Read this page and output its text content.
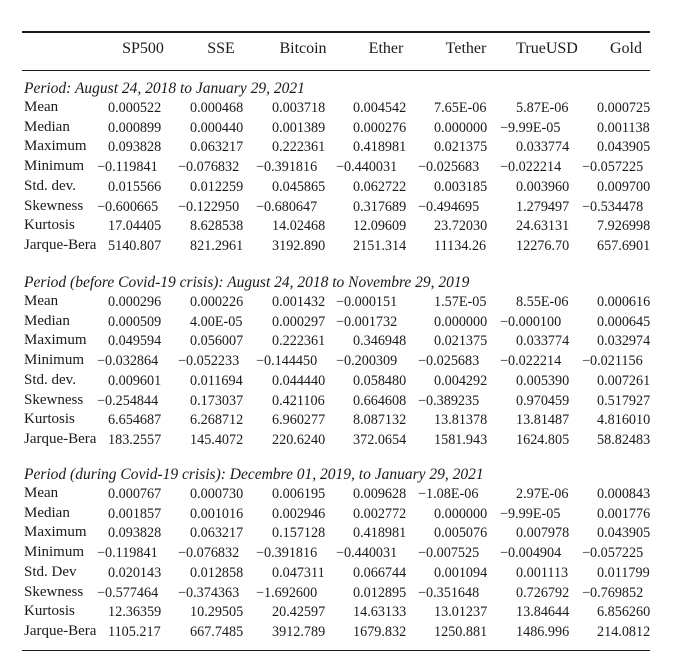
SP500	SSE	Bitcoin	Ether	Tether TrueUSD Gold
Period: August 24, 2018 to January 29, 2021
Mean	0.000522 0.000468 0.003718 0.004542 7.65E-06 5.87E-06 0.000725
Median	0.000899 0.000440 0.001389 0.000276 0.000000 −9.99E-05	0.001138
Maximum 0.093828 0.063217 0.222361 0.418981 0.021375 0.033774 0.043905
Minimum −0.119841 −0.076832 −0.391816 −0.440031 −0.025683 −0.022214 −0.057225
Std. dev. 0.015566 0.012259 0.045865 0.062722 0.003185 0.003960 0.009700
Skewness −0.600665 −0.122950 −0.680647	0.317689 −0.494695	1.279497 −0.534478
Kurtosis 17.04405 8.628538 14.02468 12.09609 23.72030 24.63131 7.926998
Jarque-Bera 5140.807 821.2961 3192.890 2151.314 11134.26 12276.70 657.6901
Period (before Covid-19 crisis): August 24, 2018 to Novembre 29, 2019
Mean	0.000296 0.000226 0.001432 −0.000151	1.57E-05 8.55E-06 0.000616
Median	0.000509 4.00E-05 0.000297 −0.001732	0.000000 −0.000100	0.000645
Maximum 0.049594 0.056007 0.222361 0.346948 0.021375 0.033774 0.032974
Minimum −0.032864 −0.052233 −0.144450 −0.200309 −0.025683 −0.022214 −0.021156
Std. dev. 0.009601 0.011694 0.044440 0.058480 0.004292 0.005390 0.007261
Skewness −0.254844 0.173037 0.421106 0.664608 −0.389235	0.970459 0.517927
Kurtosis 6.654687 6.268712 6.960277 8.087132 13.81378 13.81487 4.816010
Jarque-Bera 183.2557 145.4072 220.6240 372.0654 1581.943 1624.805 58.82483
Period (during Covid-19 crisis): Decembre 01, 2019, to January 29, 2021
Mean	0.000767 0.000730 0.006195 0.009628 −1.08E-06	2.97E-06 0.000843
Median	0.001857 0.001016 0.002946 0.002772 0.000000 −9.99E-05	0.001776
Maximum 0.093828 0.063217 0.157128 0.418981 0.005076 0.007978 0.043905
Minimum −0.119841 −0.076832 −0.391816 −0.440031 −0.007525 −0.004904 −0.057225
Std. Dev 0.020143 0.012858 0.047311 0.066744 0.001094 0.001113 0.011799
Skewness −0.577464 −0.374363 −1.692600	0.012895 −0.351648	0.726792 −0.769852
Kurtosis 12.36359 10.29505 20.42597 14.63133 13.01237 13.84644 6.856260
Jarque-Bera 1105.217 667.7485 3912.789 1679.832 1250.881 1486.996 214.0812
